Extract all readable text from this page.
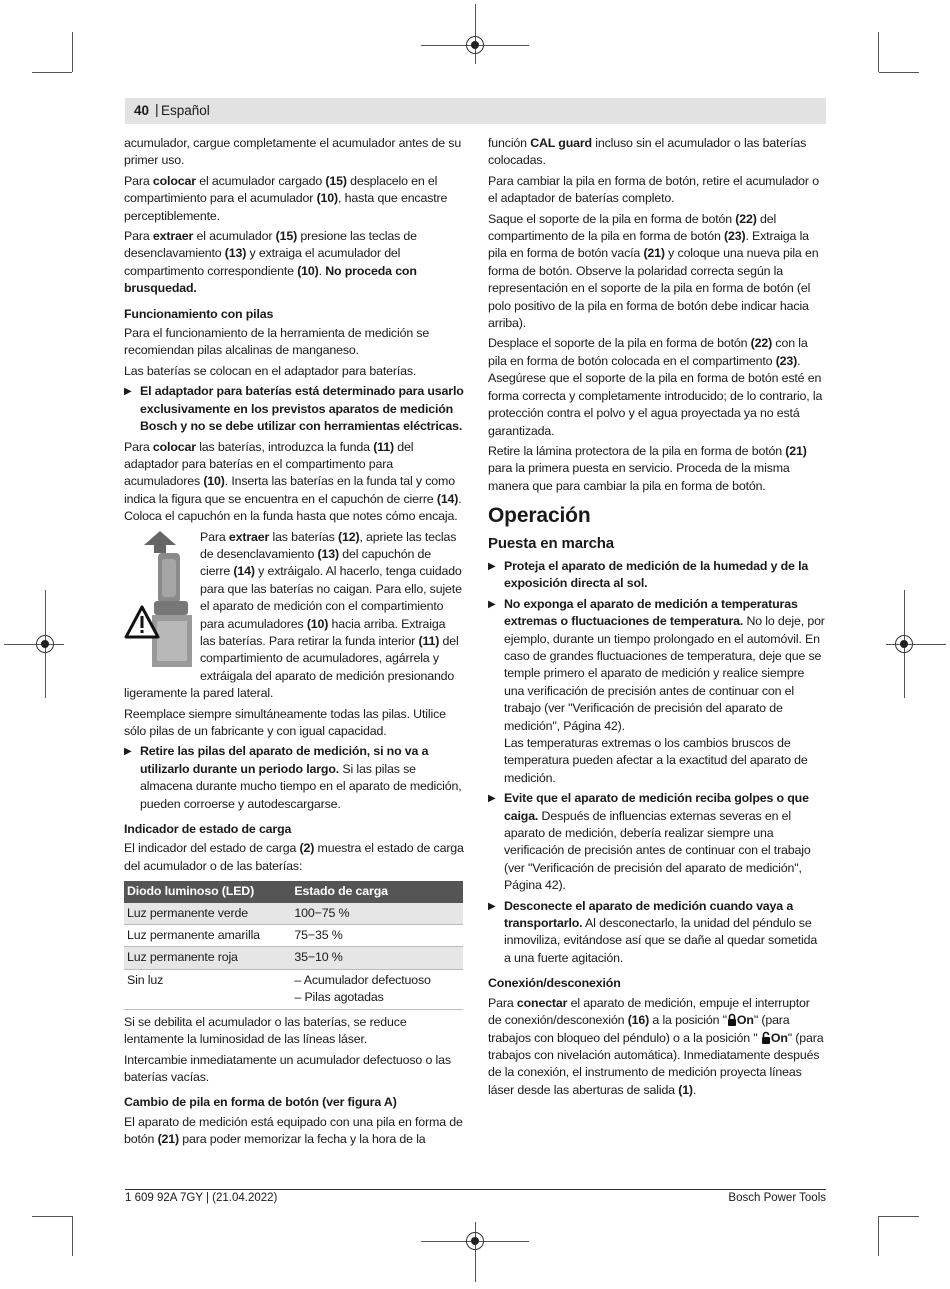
40 | Español

acumulador, cargue completamente el acumulador antes de su primer uso.

Para colocar el acumulador cargado (15) desplacelo en el compartimiento para el acumulador (10), hasta que encastre perceptiblemente.

Para extraer el acumulador (15) presione las teclas de desenclavamiento (13) y extraiga el acumulador del compartimento correspondiente (10). No proceda con brusquedad.

Funcionamiento con pilas

Para el funcionamiento de la herramienta de medición se recomiendan pilas alcalinas de manganeso.

Las baterías se colocan en el adaptador para baterías.

▶ El adaptador para baterías está determinado para usarlo exclusivamente en los previstos aparatos de medición Bosch y no se debe utilizar con herramientas eléctricas.

Para colocar las baterías, introduzca la funda (11) del adaptador para baterías en el compartimento para acumuladores (10). Inserta las baterías en la funda tal y como indica la figura que se encuentra en el capuchón de cierre (14). Coloca el capuchón en la funda hasta que notes cómo encaja.

Para extraer las baterías (12), apriete las teclas de desenclavamiento (13) del capuchón de cierre (14) y extráigalo. Al hacerlo, tenga cuidado para que las baterías no caigan. Para ello, sujete el aparato de medición con el compartimiento para acumuladores (10) hacia arriba. Extraiga las baterías. Para retirar la funda interior (11) del compartimiento de acumuladores, agárrela y extráigala del aparato de medición presionando ligeramente la pared lateral.

Reemplace siempre simultáneamente todas las pilas. Utilice sólo pilas de un fabricante y con igual capacidad.

▶ Retire las pilas del aparato de medición, si no va a utilizarlo durante un periodo largo. Si las pilas se almacena durante mucho tiempo en el aparato de medición, pueden corroerse y autodescargarse.

Indicador de estado de carga

El indicador del estado de carga (2) muestra el estado de carga del acumulador o de las baterías:

Diodo luminoso (LED)	Estado de carga
Luz permanente verde	100−75 %
Luz permanente amarilla	75−35 %
Luz permanente roja	35−10 %
Sin luz	– Acumulador defectuoso
– Pilas agotadas

Si se debilita el acumulador o las baterías, se reduce lentamente la luminosidad de las líneas láser.

Intercambie inmediatamente un acumulador defectuoso o las baterías vacías.

Cambio de pila en forma de botón (ver figura A)

El aparato de medición está equipado con una pila en forma de botón (21) para poder memorizar la fecha y la hora de la

función CAL guard incluso sin el acumulador o las baterías colocadas.

Para cambiar la pila en forma de botón, retire el acumulador o el adaptador de baterías completo.

Saque el soporte de la pila en forma de botón (22) del compartimento de la pila en forma de botón (23). Extraiga la pila en forma de botón vacía (21) y coloque una nueva pila en forma de botón. Observe la polaridad correcta según la representación en el soporte de la pila en forma de botón (el polo positivo de la pila en forma de botón debe indicar hacia arriba).

Desplace el soporte de la pila en forma de botón (22) con la pila en forma de botón colocada en el compartimento (23). Asegúrese que el soporte de la pila en forma de botón esté en forma correcta y completamente introducido; de lo contrario, la protección contra el polvo y el agua proyectada ya no está garantizada.

Retire la lámina protectora de la pila en forma de botón (21) para la primera puesta en servicio. Proceda de la misma manera que para cambiar la pila en forma de botón.

Operación
Puesta en marcha

▶ Proteja el aparato de medición de la humedad y de la exposición directa al sol.

▶ No exponga el aparato de medición a temperaturas extremas o fluctuaciones de temperatura. No lo deje, por ejemplo, durante un tiempo prolongado en el automóvil. En caso de grandes fluctuaciones de temperatura, deje que se temple primero el aparato de medición y realice siempre una verificación de precisión antes de continuar con el trabajo (ver "Verificación de precisión del aparato de medición", Página 42).
Las temperaturas extremas o los cambios bruscos de temperatura pueden afectar a la exactitud del aparato de medición.

▶ Evite que el aparato de medición reciba golpes o que caiga. Después de influencias externas severas en el aparato de medición, debería realizar siempre una verificación de precisión antes de continuar con el trabajo (ver "Verificación de precisión del aparato de medición", Página 42).

▶ Desconecte el aparato de medición cuando vaya a transportarlo. Al desconectarlo, la unidad del péndulo se inmoviliza, evitándose así que se dañe al quedar sometida a una fuerte agitación.

Conexión/desconexión

Para conectar el aparato de medición, empuje el interruptor de conexión/desconexión (16) a la posición " On" (para trabajos con bloqueo del péndulo) o a la posición " On" (para trabajos con nivelación automática). Inmediatamente después de la conexión, el instrumento de medición proyecta líneas láser desde las aberturas de salida (1).

1 609 92A 7GY | (21.04.2022)	Bosch Power Tools
